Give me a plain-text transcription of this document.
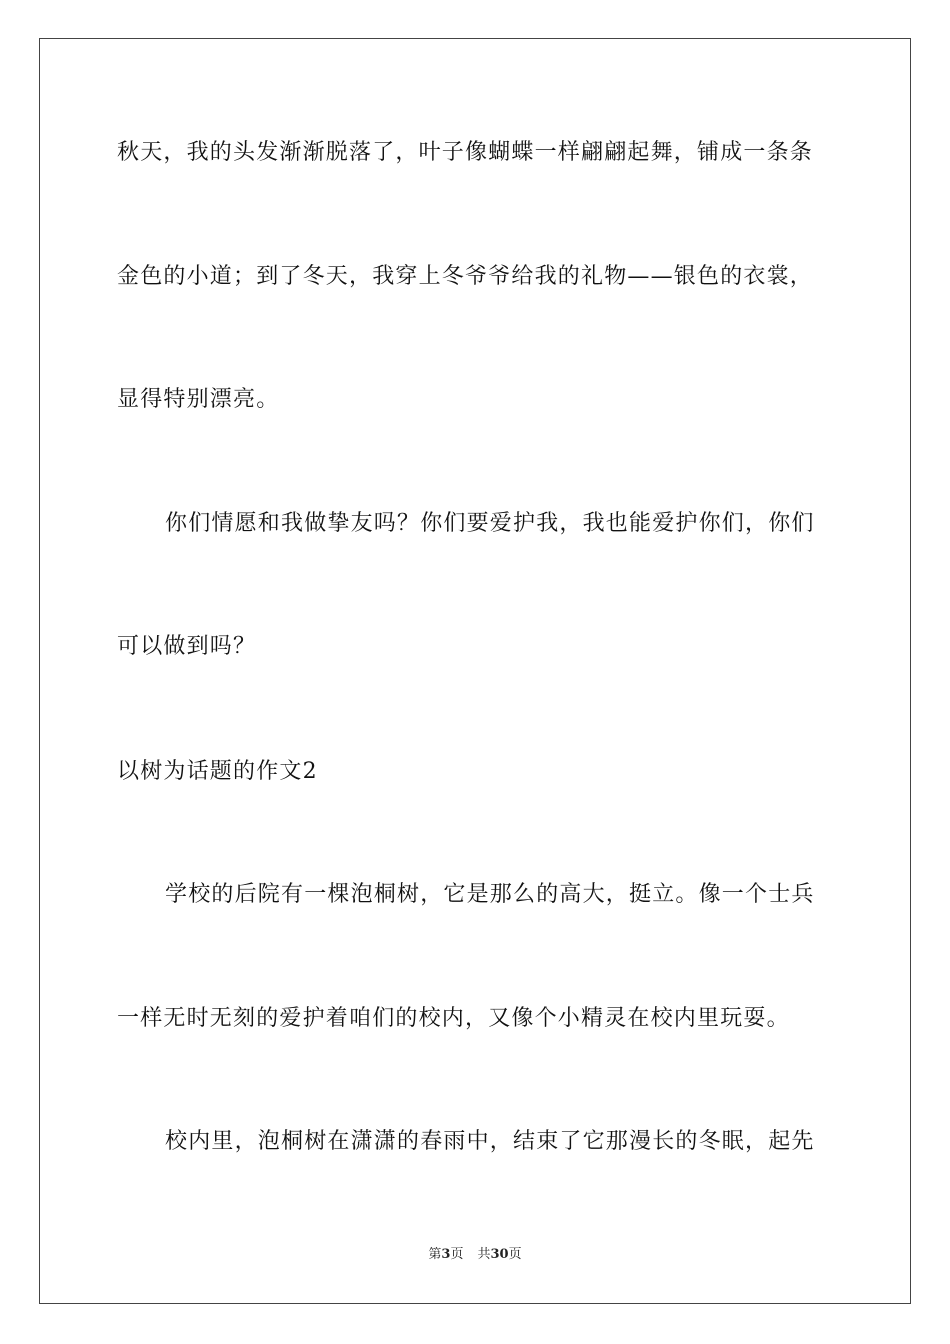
秋天，我的头发渐渐脱落了，叶子像蝴蝶一样翩翩起舞，铺成一条条
金色的小道；到了冬天，我穿上冬爷爷给我的礼物——银色的衣裳，
显得特别漂亮。
你们情愿和我做挚友吗？你们要爱护我，我也能爱护你们，你们
可以做到吗？
以树为话题的作文2
学校的后院有一棵泡桐树，它是那么的高大，挺立。像一个士兵
一样无时无刻的爱护着咱们的校内，又像个小精灵在校内里玩耍。
校内里，泡桐树在潇潇的春雨中，结束了它那漫长的冬眠，起先
第3页 共30页
